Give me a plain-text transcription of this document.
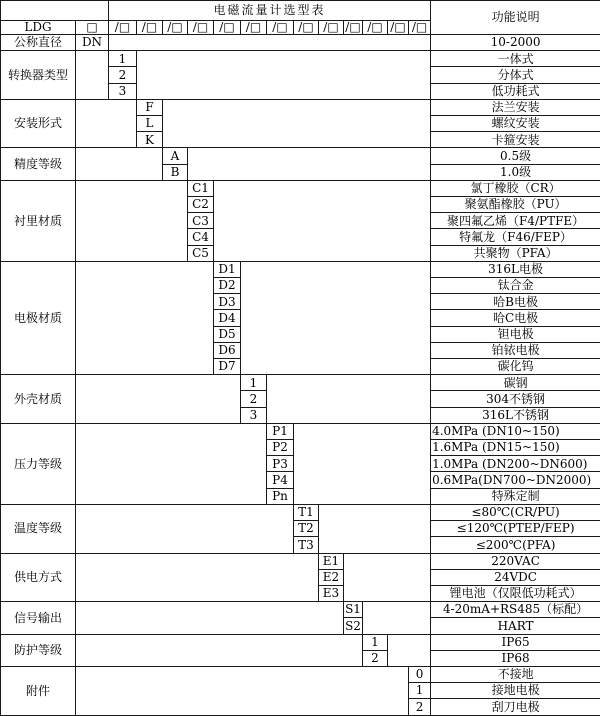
		电磁流量计选型表													功能说明
LDG	□	/□	/□	/□	/□	/□	/□	/□	/□	/□	/□	/□	/□	/□	
公称直径	DN														10-2000
转换器类型		1													一体式
		2													分体式
		3													低功耗式
安装形式			F												法兰安装
			L												螺纹安装
			K												卡箍安装
精度等级				A											0.5级
				B											1.0级
衬里材质					C1										氯丁橡胶（CR）
					C2										聚氨酯橡胶（PU）
					C3										聚四氟乙烯（F4/PTFE）
					C4										特氟龙（F46/FEP）
					C5										共聚物（PFA）
电极材质						D1									316L电极
						D2									钛合金
						D3									哈B电极
						D4									哈C电极
						D5									钽电极
						D6									铂铱电极
						D7									碳化钨
外壳材质							1								碳钢
							2								304不锈钢
							3								316L不锈钢
压力等级								P1							4.0MPa (DN10~150)
								P2							1.6MPa (DN15~150)
								P3							1.0MPa (DN200~DN600)
								P4							0.6MPa(DN700~DN2000)
								Pn							特殊定制
温度等级									T1						≤80℃(CR/PU)
									T2						≤120℃(PTEP/FEP)
									T3						≤200℃(PFA)
供电方式										E1					220VAC
										E2					24VDC
										E3					锂电池（仅限低功耗式）
信号输出											S1				4-20mA+RS485（标配）
											S2				HART
防护等级												1			IP65
												2			IP68
附件														0	不接地
														1	接地电极
														2	刮刀电极
